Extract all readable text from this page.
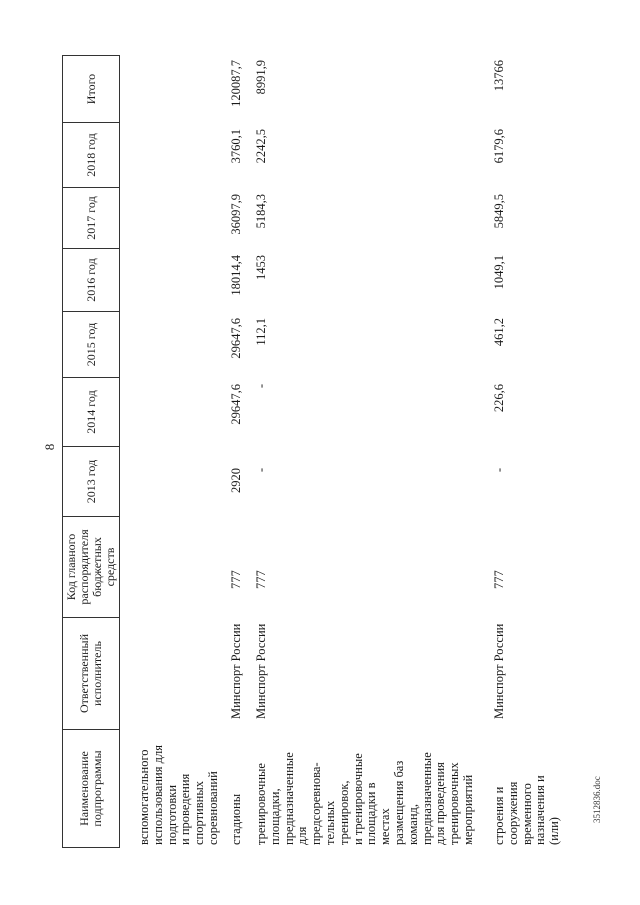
8
Наименование подпрограммы
Ответственный исполнитель
Код главного распорядителя бюджетных средств
2013 год
2014 год
2015 год
2016 год
2017 год
2018 год
Итого
вспомогательного
использования для
подготовки
и проведения
спортивных
соревнований стадионы
Минспорт России
777
2920
29647,6
29647,6
18014,4
36097,9
3760,1
120087,7
тренировочные
площадки,
предназначенные
для
предсоревнова-
тельных
тренировок,
и тренировочные
площадки в
местах
размещения баз
команд,
предназначенные
для проведения
тренировочных
мероприятий
Минспорт России
777
-
-
112,1
1453
5184,3
2242,5
8991,9
строения и
сооружения
временного
назначения и
(или)
Минспорт России
777
-
226,6
461,2
1049,1
5849,5
6179,6
13766
3512836.doc
